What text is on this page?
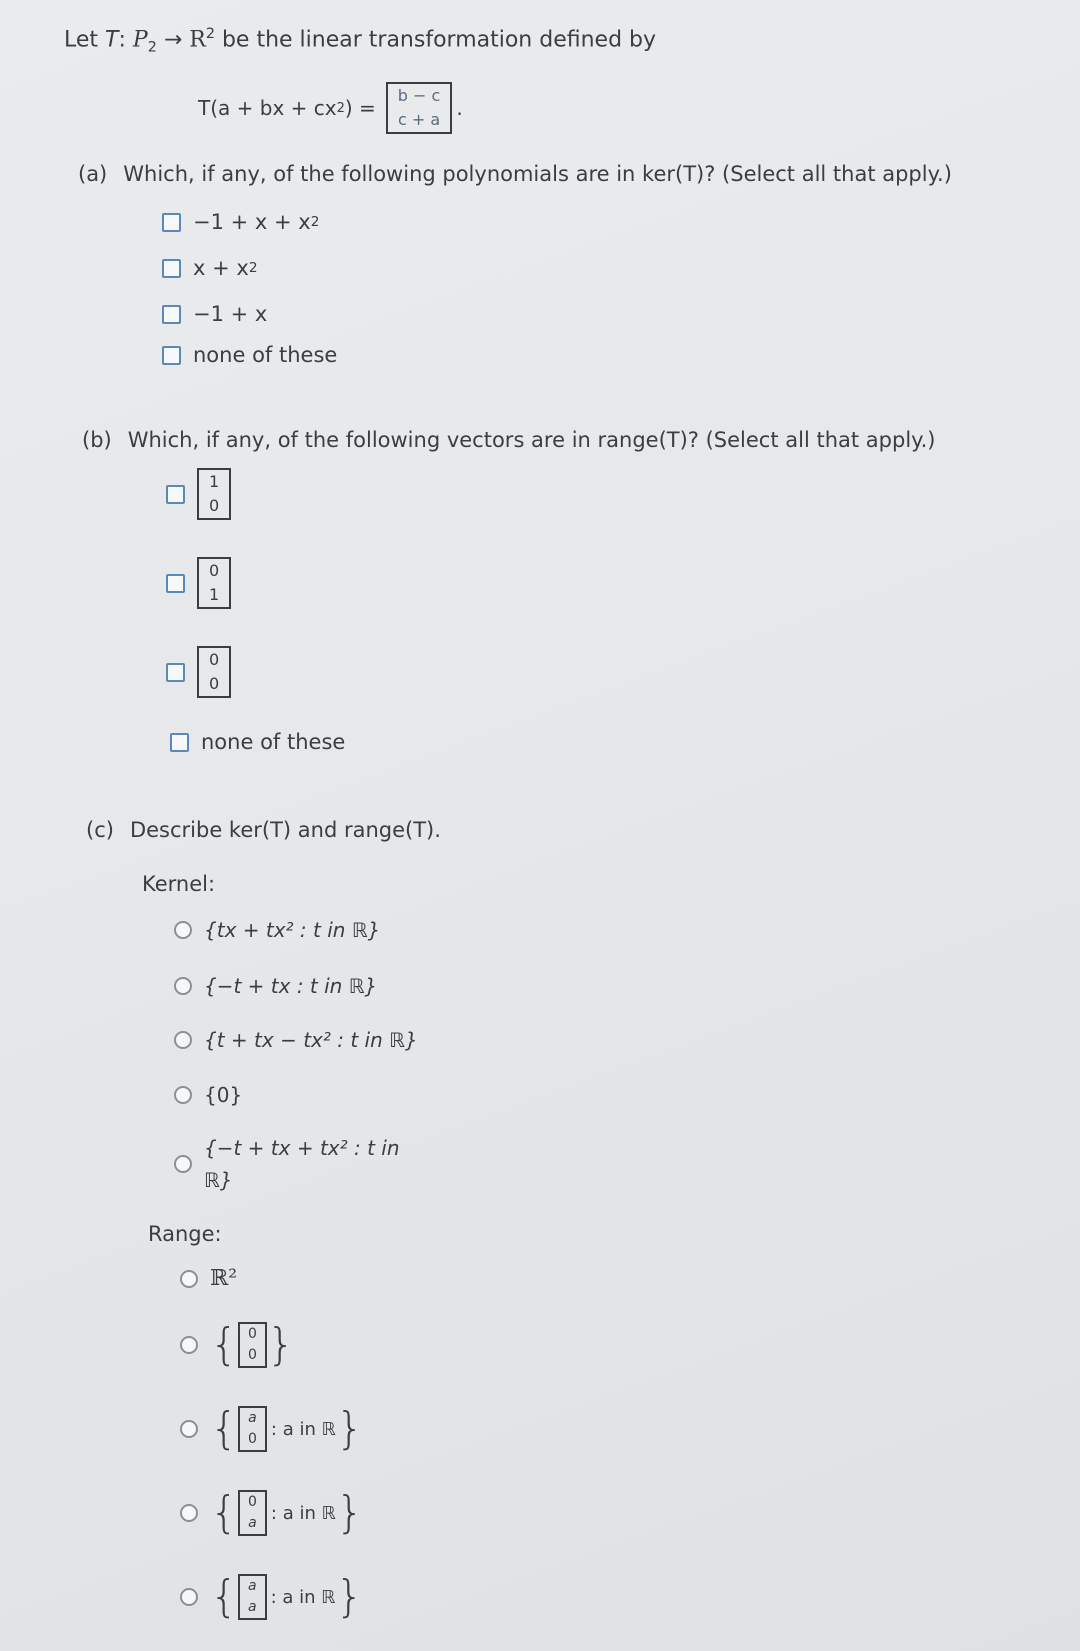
Let T: $P_2 \to R^2$ be the linear transformation defined by
T(a + bx + cx 2 ) =
b − c
c + a .
(a) Which, if any, of the following polynomials are in ker(T)? (Select all that apply.)
−1 + x + x 2
x + x 2
−1 + x
none of these
(b) Which, if any, of the following vectors are in range(T)? (Select all that apply.)
1
0
0
1
0
0
none of these
(c) Describe ker(T) and range(T).
Kernel:
{tx + tx² : t in ℝ}
{−t + tx : t in ℝ}
{t + tx − tx² : t in ℝ}
{0}
{−t + tx + tx² : t in ℝ}
Range:
ℝ²
{ 0
0 }
{ a
0 : a in ℝ }
{ 0
a : a in ℝ }
{ a
a : a in ℝ }
